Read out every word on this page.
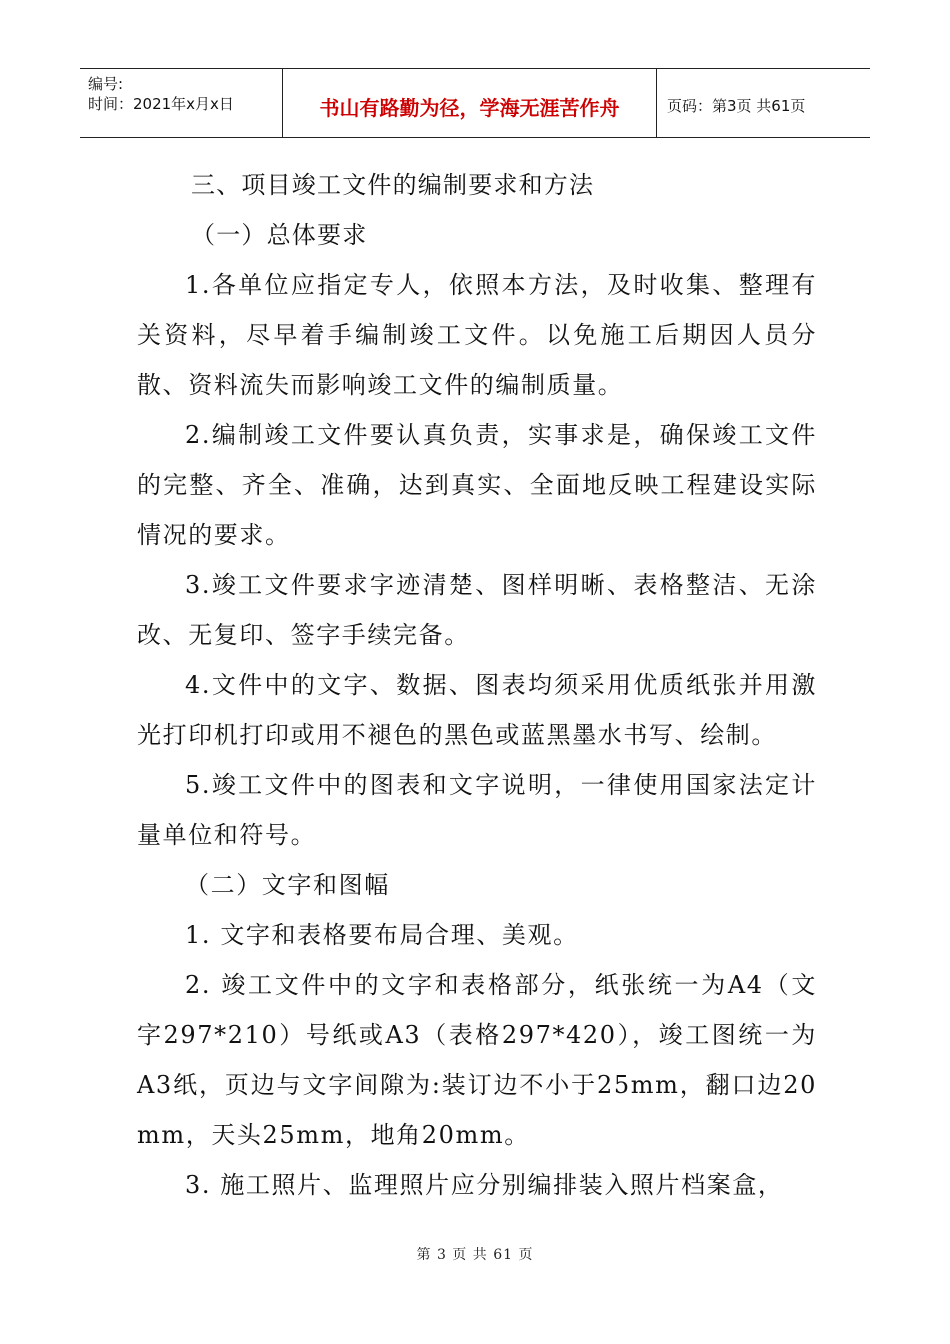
编号:
时间：2021年x月x日	书山有路勤为径，学海无涯苦作舟	页码：第3页 共61页

三、项目竣工文件的编制要求和方法

（一）总体要求

1.各单位应指定专人，依照本方法，及时收集、整理有关资料，尽早着手编制竣工文件。以免施工后期因人员分散、资料流失而影响竣工文件的编制质量。

2.编制竣工文件要认真负责，实事求是，确保竣工文件的完整、齐全、准确，达到真实、全面地反映工程建设实际情况的要求。

3.竣工文件要求字迹清楚、图样明晰、表格整洁、无涂改、无复印、签字手续完备。

4.文件中的文字、数据、图表均须采用优质纸张并用激光打印机打印或用不褪色的黑色或蓝黑墨水书写、绘制。

5.竣工文件中的图表和文字说明，一律使用国家法定计量单位和符号。

（二）文字和图幅

1. 文字和表格要布局合理、美观。

2. 竣工文件中的文字和表格部分，纸张统一为A4（文字297*210）号纸或A3（表格297*420），竣工图统一为A3纸，页边与文字间隙为:装订边不小于25mm，翻口边20mm，天头25mm，地角20mm。

3. 施工照片、监理照片应分别编排装入照片档案盒，

第 3 页 共 61 页
